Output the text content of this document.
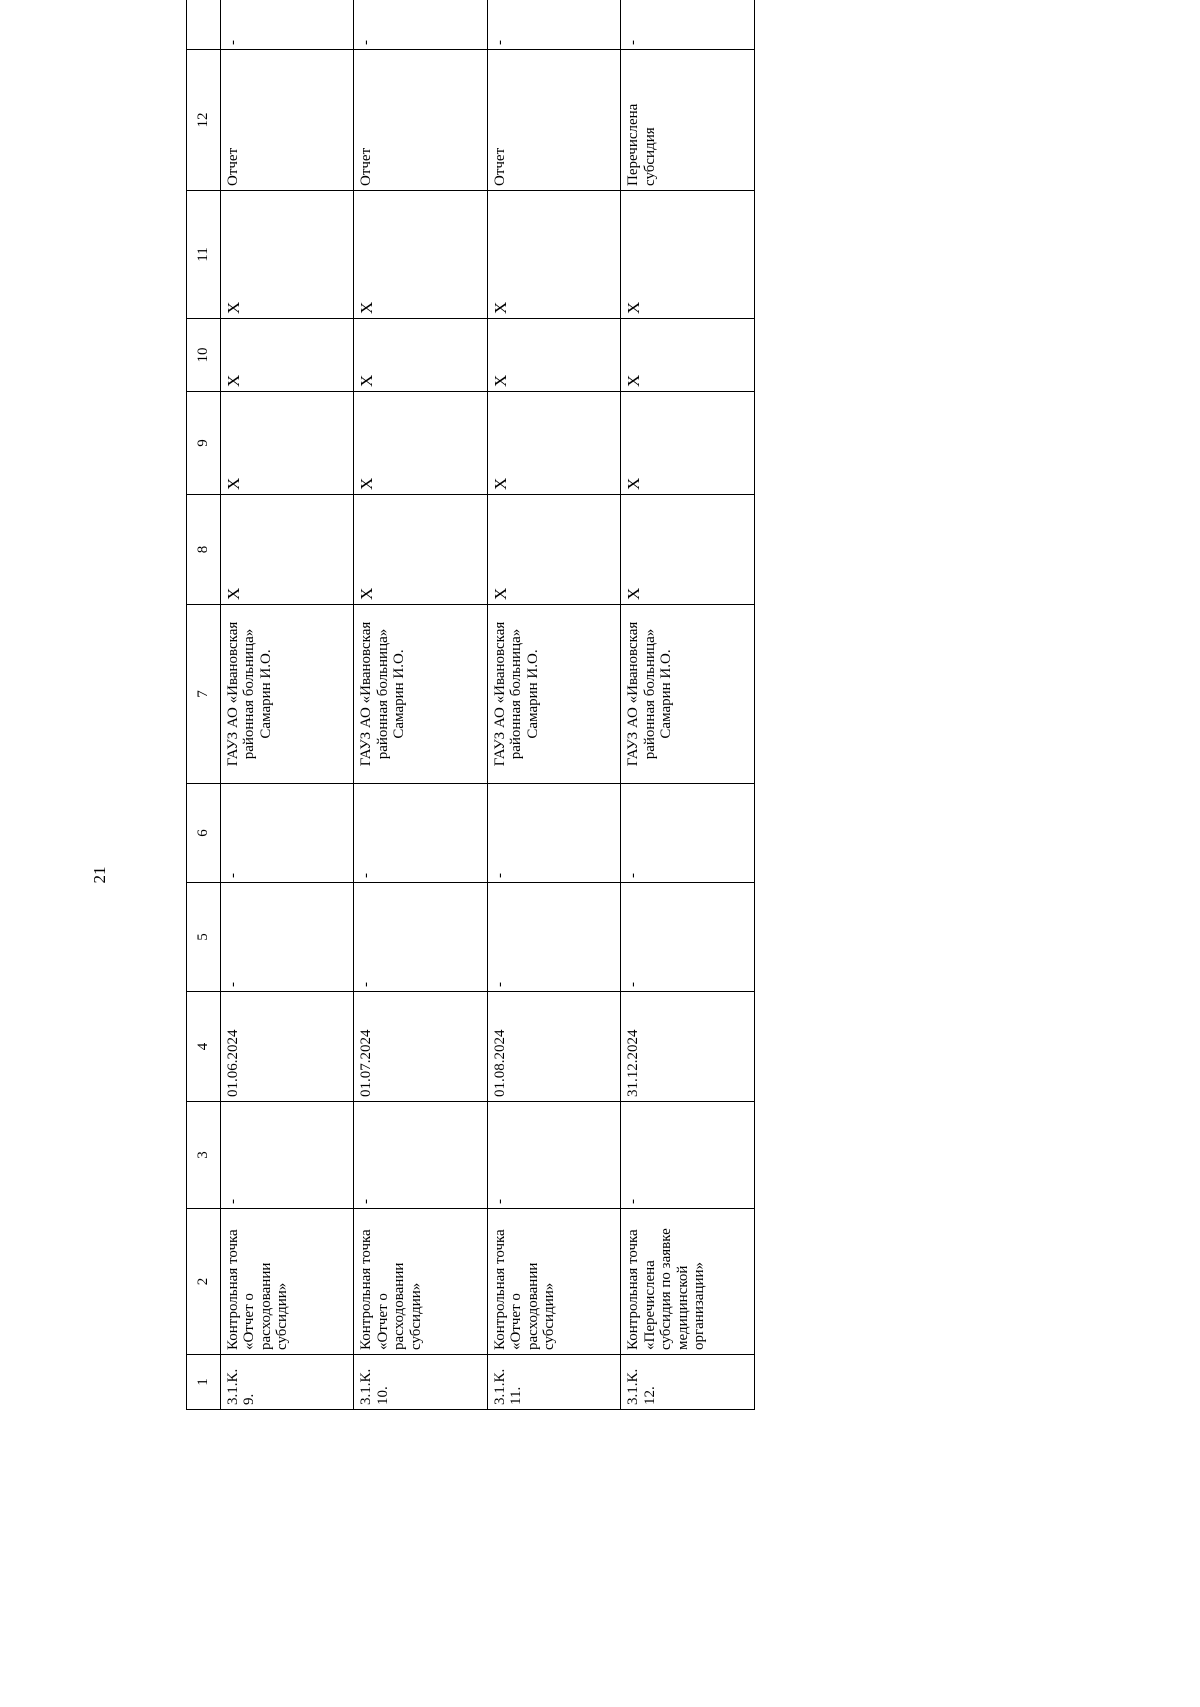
21
1	2	3	4	5	6	7	8	9	10	11	12	
3.1.К. 9.	Контрольная точка «Отчет о расходовании субсидии»	-	01.06.2024	-	-	ГАУЗ АО «Ивановская районная больница» Самарин И.О.	X	X	X	X	Отчет	-
3.1.К. 10.	Контрольная точка «Отчет о расходовании субсидии»	-	01.07.2024	-	-	ГАУЗ АО «Ивановская районная больница» Самарин И.О.	X	X	X	X	Отчет	-
3.1.К. 11.	Контрольная точка «Отчет о расходовании субсидии»	-	01.08.2024	-	-	ГАУЗ АО «Ивановская районная больница» Самарин И.О.	X	X	X	X	Отчет	-
3.1.К. 12.	Контрольная точка «Перечислена субсидия по заявке медицинской организации»	-	31.12.2024	-	-	ГАУЗ АО «Ивановская районная больница» Самарин И.О.	X	X	X	X	Перечислена субсидия	-
